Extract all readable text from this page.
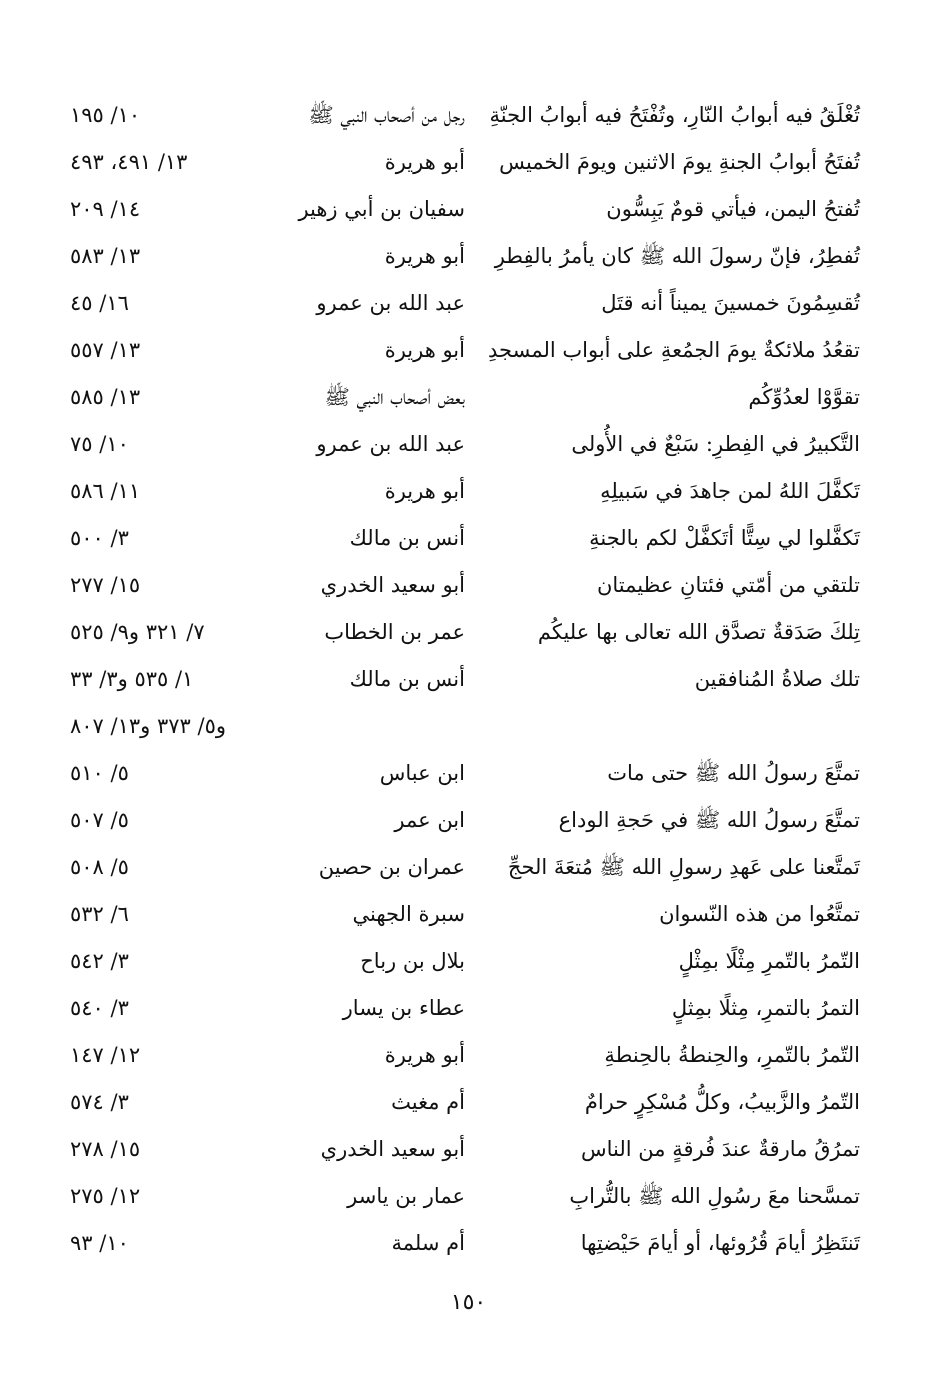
تُغْلَقُ فيه أبوابُ النّارِ، وتُفْتَحُ فيه أبوابُ الجنّةِ
رجل من أصحاب النبي ﷺ
١٠/ ١٩٥
تُفتَحُ أبوابُ الجنةِ يومَ الاثنين ويومَ الخميس
أبو هريرة
١٣/ ٤٩١، ٤٩٣
تُفتحُ اليمن، فيأتي قومٌ يَبِسُّون
سفيان بن أبي زهير
١٤/ ٢٠٩
تُفطِرُ، فإنّ رسولَ الله ﷺ كان يأمرُ بالفِطرِ
أبو هريرة
١٣/ ٥٨٣
تُقسِمُونَ خمسينَ يميناً أنه قتَل
عبد الله بن عمرو
١٦/ ٤٥
تقعُدُ ملائكةٌ يومَ الجمُعةِ على أبواب المسجدِ
أبو هريرة
١٣/ ٥٥٧
تقوَّوْا لعدُوِّكُم
بعض أصحاب النبي ﷺ
١٣/ ٥٨٥
التَّكبيرُ في الفِطرِ: سَبْعٌ في الأُولى
عبد الله بن عمرو
١٠/ ٧٥
تَكفَّلَ اللهُ لمن جاهدَ في سَبيلِهِ
أبو هريرة
١١/ ٥٨٦
تَكفَّلوا لي سِتًّا أتَكفَّلْ لكم بالجنةِ
أنس بن مالك
٣/ ٥٠٠
تلتقي من أمّتي فئتانِ عظيمتان
أبو سعيد الخدري
١٥/ ٢٧٧
تِلكَ صَدَقةٌ تصدَّق الله تعالى بها عليكُم
عمر بن الخطاب
٧/ ٣٢١ و٩/ ٥٢٥
تلك صلاةُ المُنافقين
أنس بن مالك
١/ ٥٣٥ و٣/ ٣٣
و٥/ ٣٧٣ و١٣/ ٨٠٧
تمتَّعَ رسولُ الله ﷺ حتى مات
ابن عباس
٥/ ٥١٠
تمتَّعَ رسولُ الله ﷺ في حَجةِ الوداع
ابن عمر
٥/ ٥٠٧
تَمتَّعنا على عَهدِ رسولِ الله ﷺ مُتعَةَ الحجِّ
عمران بن حصين
٥/ ٥٠٨
تمتَّعُوا من هذه النّسوان
سبرة الجهني
٦/ ٥٣٢
التّمرُ بالتّمرِ مِثْلًا بمِثْلٍ
بلال بن رباح
٣/ ٥٤٢
التمرُ بالتمرِ، مِثلًا بمِثلٍ
عطاء بن يسار
٣/ ٥٤٠
التّمرُ بالتّمرِ، والحِنطةُ بالحِنطةِ
أبو هريرة
١٢/ ١٤٧
التّمرُ والزَّبيبُ، وكلُّ مُسْكِرٍ حرامٌ
أم مغيث
٣/ ٥٧٤
تمرُقُ مارقةٌ عندَ فُرقةٍ من الناس
أبو سعيد الخدري
١٥/ ٢٧٨
تمسَّحنا معَ رسُولِ الله ﷺ بالتُّرابِ
عمار بن ياسر
١٢/ ٢٧٥
تَنتَظِرُ أيامَ قُرُوئها، أو أيامَ حَيْضتِها
أم سلمة
١٠/ ٩٣
١٥٠
